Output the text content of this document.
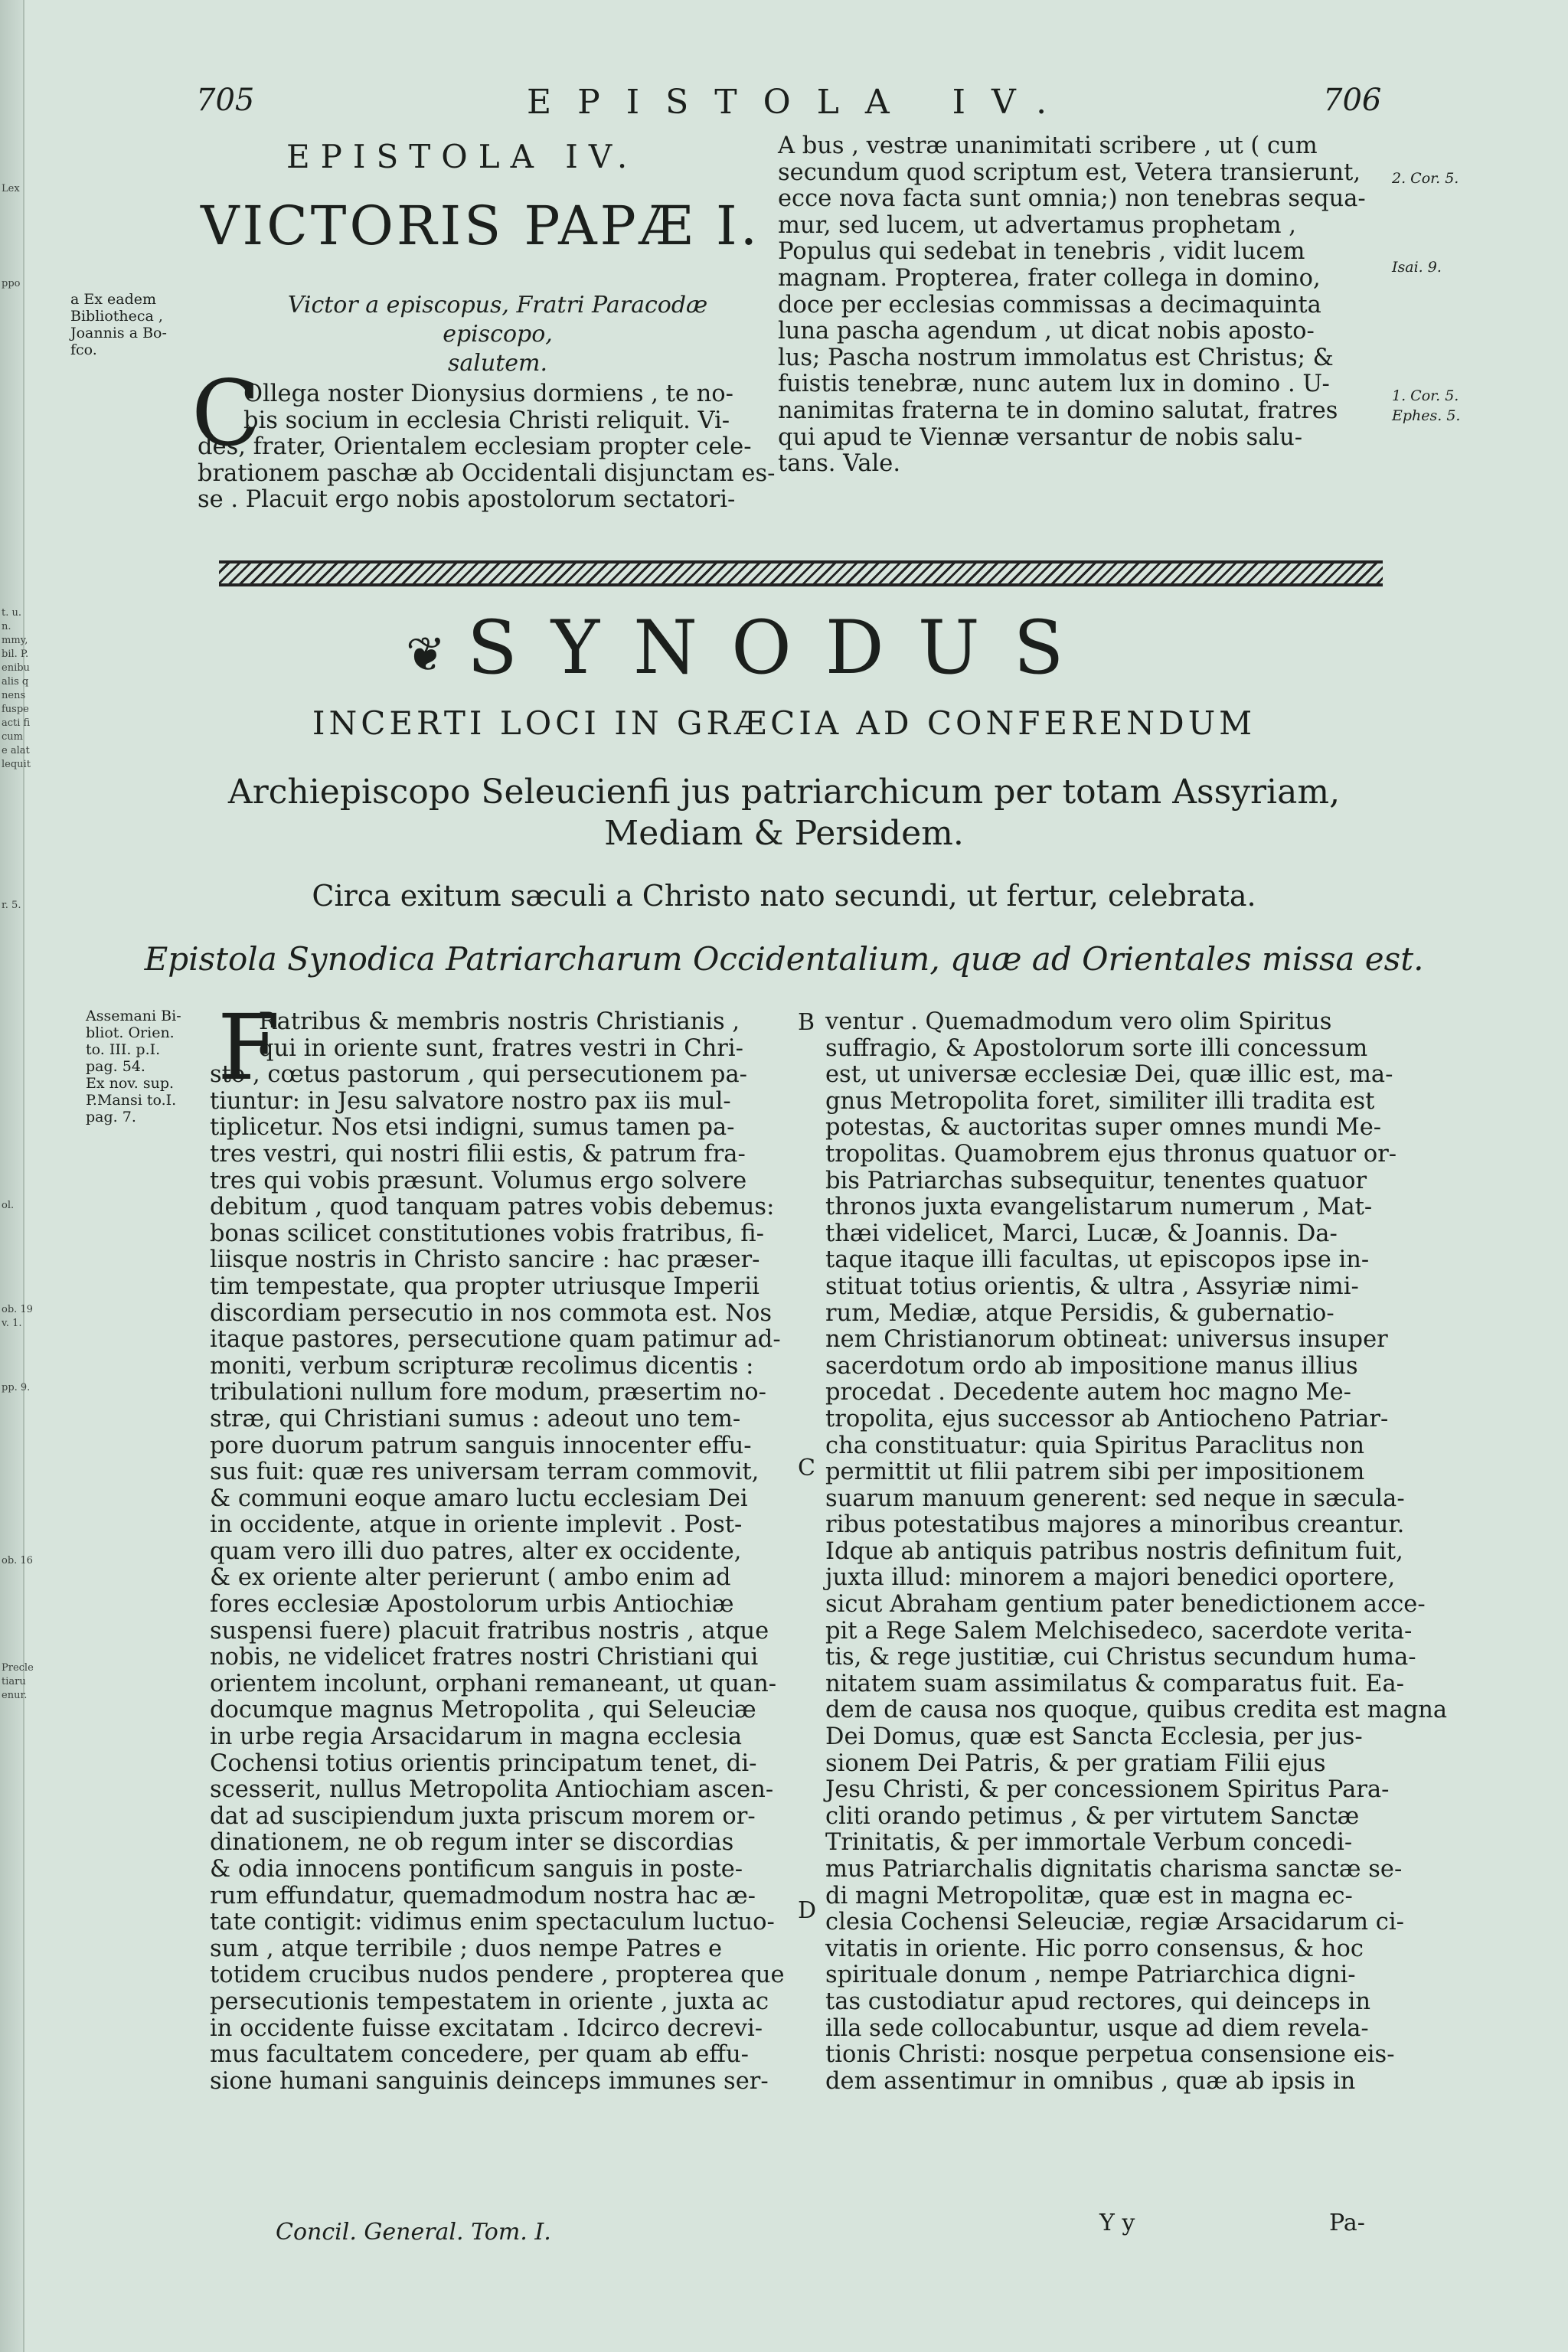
Lex
ppo
t. u.
n.
mmy,
bil. P.
enibu
alis q
nens
fuspe
acti fi
cum
e alat
lequit
r. 5.
ol.
ob. 19
v. 1.
pp. 9.
ob. 16
Precle
tiaru
enur.
705	EPISTOLA IV.	706
EPISTOLA IV.
VICTORIS PAPÆ I.
a Ex eadem
Bibliotheca ,
Joannis a Bo-
fco.
Victor a episcopus, Fratri Paracodæ episcopo,
salutem.
C
Ollega noster Dionysius dormiens , te no-
bis socium in ecclesia Christi reliquit. Vi-
des, frater, Orientalem ecclesiam propter cele-
brationem paschæ ab Occidentali disjunctam es-
se . Placuit ergo nobis apostolorum sectatori-
A bus , vestræ unanimitati scribere , ut ( cum
secundum quod scriptum est, Vetera transierunt,
ecce nova facta sunt omnia;) non tenebras sequa-
mur, sed lucem, ut advertamus prophetam ,
Populus qui sedebat in tenebris , vidit lucem
magnam. Propterea, frater collega in domino,
doce per ecclesias commissas a decimaquinta
luna pascha agendum , ut dicat nobis aposto-
lus; Pascha nostrum immolatus est Christus; &
fuistis tenebræ, nunc autem lux in domino . U-
nanimitas fraterna te in domino salutat, fratres
qui apud te Viennæ versantur de nobis salu-
tans. Vale.
2. Cor. 5.
Isai. 9.
1. Cor. 5.
Ephes. 5.
❦ SYNODUS
INCERTI LOCI IN GRÆCIA AD CONFERENDUM
Archiepiscopo Seleucienfi jus patriarchicum per totam Assyriam,
Mediam & Persidem.
Circa exitum sæculi a Christo nato secundi, ut fertur, celebrata.
Epistola Synodica Patriarcharum Occidentalium, quæ ad Orientales missa est.
Assemani Bi-
bliot. Orien.
to. III. p.I.
pag. 54.
Ex nov. sup.
P.Mansi to.I.
pag. 7.
F
Ratribus & membris nostris Christianis ,
qui in oriente sunt, fratres vestri in Chri-
sto , cœtus pastorum , qui persecutionem pa-
tiuntur: in Jesu salvatore nostro pax iis mul-
tiplicetur. Nos etsi indigni, sumus tamen pa-
tres vestri, qui nostri filii estis, & patrum fra-
tres qui vobis præsunt. Volumus ergo solvere
debitum , quod tanquam patres vobis debemus:
bonas scilicet constitutiones vobis fratribus, fi-
liisque nostris in Christo sancire : hac præser-
tim tempestate, qua propter utriusque Imperii
discordiam persecutio in nos commota est. Nos
itaque pastores, persecutione quam patimur ad-
moniti, verbum scripturæ recolimus dicentis :
tribulationi nullum fore modum, præsertim no-
stræ, qui Christiani sumus : adeout uno tem-
pore duorum patrum sanguis innocenter effu-
sus fuit: quæ res universam terram commovit,
& communi eoque amaro luctu ecclesiam Dei
in occidente, atque in oriente implevit . Post-
quam vero illi duo patres, alter ex occidente,
& ex oriente alter perierunt ( ambo enim ad
fores ecclesiæ Apostolorum urbis Antiochiæ
suspensi fuere) placuit fratribus nostris , atque
nobis, ne videlicet fratres nostri Christiani qui
orientem incolunt, orphani remaneant, ut quan-
documque magnus Metropolita , qui Seleuciæ
in urbe regia Arsacidarum in magna ecclesia
Cochensi totius orientis principatum tenet, di-
scesserit, nullus Metropolita Antiochiam ascen-
dat ad suscipiendum juxta priscum morem or-
dinationem, ne ob regum inter se discordias
& odia innocens pontificum sanguis in poste-
rum effundatur, quemadmodum nostra hac æ-
tate contigit: vidimus enim spectaculum luctuo-
sum , atque terribile ; duos nempe Patres e
totidem crucibus nudos pendere , propterea que
persecutionis tempestatem in oriente , juxta ac
in occidente fuisse excitatam . Idcirco decrevi-
mus facultatem concedere, per quam ab effu-
sione humani sanguinis deinceps immunes ser-
B
C
D
ventur . Quemadmodum vero olim Spiritus
suffragio, & Apostolorum sorte illi concessum
est, ut universæ ecclesiæ Dei, quæ illic est, ma-
gnus Metropolita foret, similiter illi tradita est
potestas, & auctoritas super omnes mundi Me-
tropolitas. Quamobrem ejus thronus quatuor or-
bis Patriarchas subsequitur, tenentes quatuor
thronos juxta evangelistarum numerum , Mat-
thæi videlicet, Marci, Lucæ, & Joannis. Da-
taque itaque illi facultas, ut episcopos ipse in-
stituat totius orientis, & ultra , Assyriæ nimi-
rum, Mediæ, atque Persidis, & gubernatio-
nem Christianorum obtineat: universus insuper
sacerdotum ordo ab impositione manus illius
procedat . Decedente autem hoc magno Me-
tropolita, ejus successor ab Antiocheno Patriar-
cha constituatur: quia Spiritus Paraclitus non
permittit ut filii patrem sibi per impositionem
suarum manuum generent: sed neque in sæcula-
ribus potestatibus majores a minoribus creantur.
Idque ab antiquis patribus nostris definitum fuit,
juxta illud: minorem a majori benedici oportere,
sicut Abraham gentium pater benedictionem acce-
pit a Rege Salem Melchisedeco, sacerdote verita-
tis, & rege justitiæ, cui Christus secundum huma-
nitatem suam assimilatus & comparatus fuit. Ea-
dem de causa nos quoque, quibus credita est magna
Dei Domus, quæ est Sancta Ecclesia, per jus-
sionem Dei Patris, & per gratiam Filii ejus
Jesu Christi, & per concessionem Spiritus Para-
cliti orando petimus , & per virtutem Sanctæ
Trinitatis, & per immortale Verbum concedi-
mus Patriarchalis dignitatis charisma sanctæ se-
di magni Metropolitæ, quæ est in magna ec-
clesia Cochensi Seleuciæ, regiæ Arsacidarum ci-
vitatis in oriente. Hic porro consensus, & hoc
spirituale donum , nempe Patriarchica digni-
tas custodiatur apud rectores, qui deinceps in
illa sede collocabuntur, usque ad diem revela-
tionis Christi: nosque perpetua consensione eis-
dem assentimur in omnibus , quæ ab ipsis in
Concil. General. Tom. I.	Y y	Pa-
